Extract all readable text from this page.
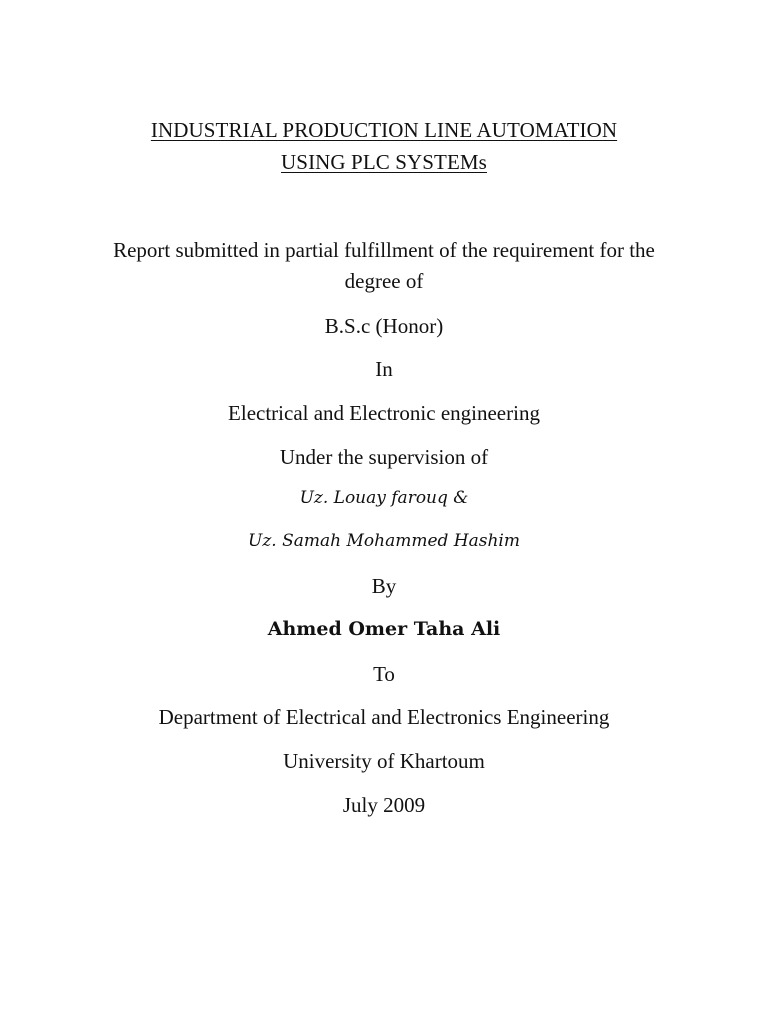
INDUSTRIAL PRODUCTION LINE AUTOMATION
USING PLC SYSTEMs
Report submitted in partial fulfillment of the requirement for the
degree of
B.S.c (Honor)
In
Electrical and Electronic engineering
Under the supervision of
Uz. Louay farouq &
Uz. Samah Mohammed Hashim
By
Ahmed Omer Taha Ali
To
Department of Electrical and Electronics Engineering
University of Khartoum
July 2009
